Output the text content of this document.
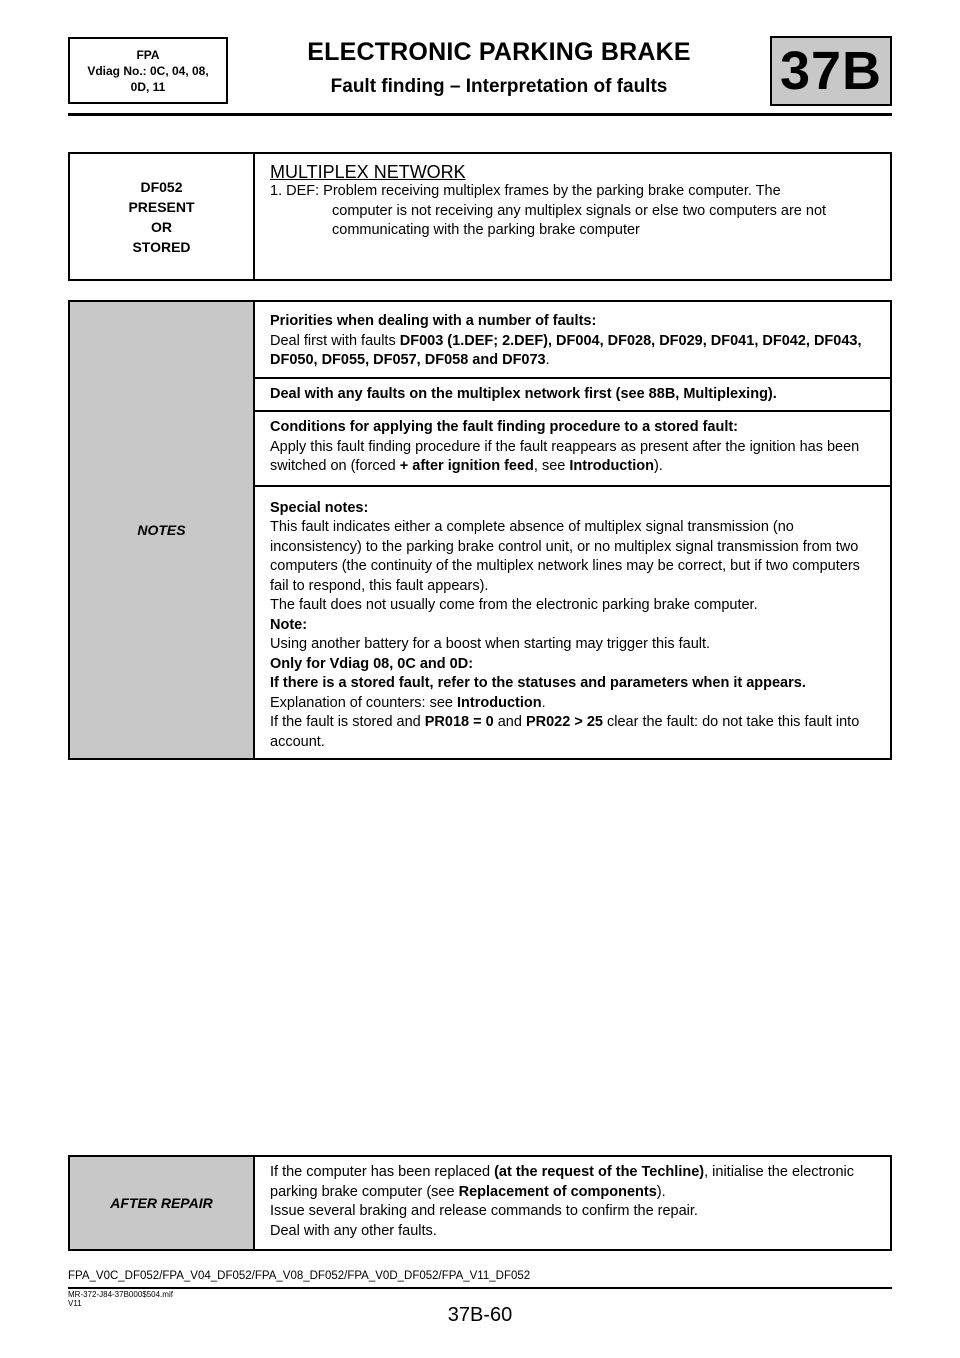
FPA
Vdiag No.: 0C, 04, 08,
0D, 11
ELECTRONIC PARKING BRAKE
Fault finding – Interpretation of faults	37B
DF052
PRESENT
OR
STORED

MULTIPLEX NETWORK
1. DEF: Problem receiving multiplex frames by the parking brake computer. The
computer is not receiving any multiplex signals or else two computers are not communicating with the parking brake computer
NOTES	
Priorities when dealing with a number of faults:
Deal first with faults DF003 (1.DEF; 2.DEF), DF004, DF028, DF029, DF041, DF042, DF043, DF050, DF055, DF057, DF058 and DF073.
Deal with any faults on the multiplex network first (see 88B, Multiplexing).

Conditions for applying the fault finding procedure to a stored fault:
Apply this fault finding procedure if the fault reappears as present after the ignition has been switched on (forced + after ignition feed, see Introduction).

Special notes:
This fault indicates either a complete absence of multiplex signal transmission (no inconsistency) to the parking brake control unit, or no multiplex signal transmission from two computers (the continuity of the multiplex network lines may be correct, but if two computers fail to respond, this fault appears).
The fault does not usually come from the electronic parking brake computer.
Note:
Using another battery for a boost when starting may trigger this fault.
Only for Vdiag 08, 0C and 0D:
If there is a stored fault, refer to the statuses and parameters when it appears.
Explanation of counters: see Introduction.
If the fault is stored and PR018 = 0 and PR022 > 25 clear the fault: do not take this fault into account.
AFTER REPAIR	If the computer has been replaced (at the request of the Techline), initialise the electronic parking brake computer (see Replacement of components).
Issue several braking and release commands to confirm the repair.
Deal with any other faults.
FPA_V0C_DF052/FPA_V04_DF052/FPA_V08_DF052/FPA_V0D_DF052/FPA_V11_DF052
MR-372-J84-37B000$504.mif
V11
37B-60
